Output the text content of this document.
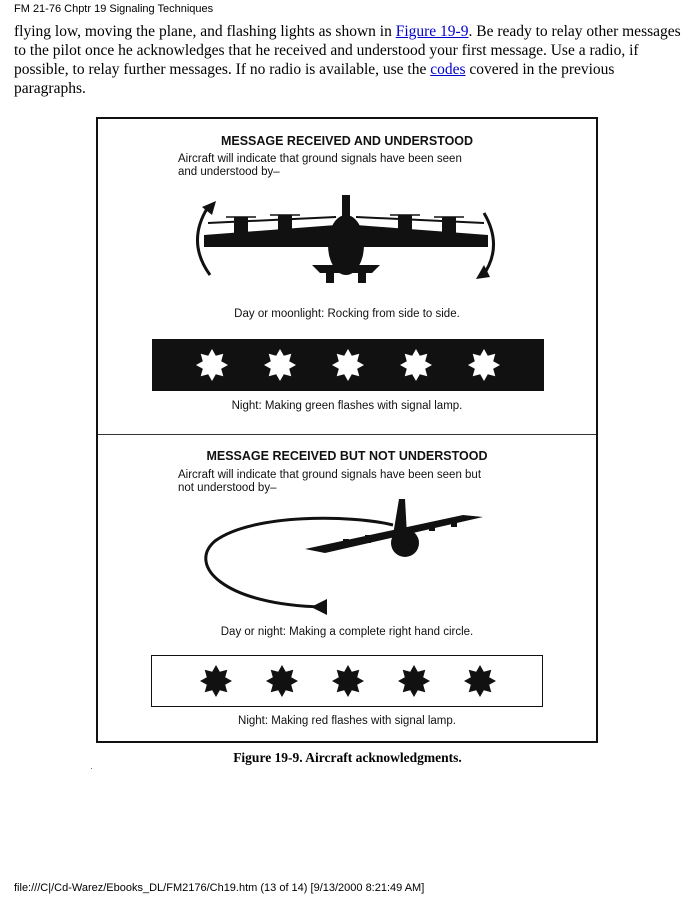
FM 21-76 Chptr 19 Signaling Techniques
flying low, moving the plane, and flashing lights as shown in Figure 19-9. Be ready to relay other messages to the pilot once he acknowledges that he received and understood your first message. Use a radio, if possible, to relay further messages. If no radio is available, use the codes covered in the previous paragraphs.
MESSAGE RECEIVED AND UNDERSTOOD
Aircraft will indicate that ground signals have been seen
and understood by–
Day or moonlight: Rocking from side to side.
Night: Making green flashes with signal lamp.
MESSAGE RECEIVED BUT NOT UNDERSTOOD
Aircraft will indicate that ground signals have been seen but
not understood by–
Day or night: Making a complete right hand circle.
Night: Making red flashes with signal lamp.
Figure 19-9. Aircraft acknowledgments.
file:///C|/Cd-Warez/Ebooks_DL/FM2176/Ch19.htm (13 of 14) [9/13/2000 8:21:49 AM]
